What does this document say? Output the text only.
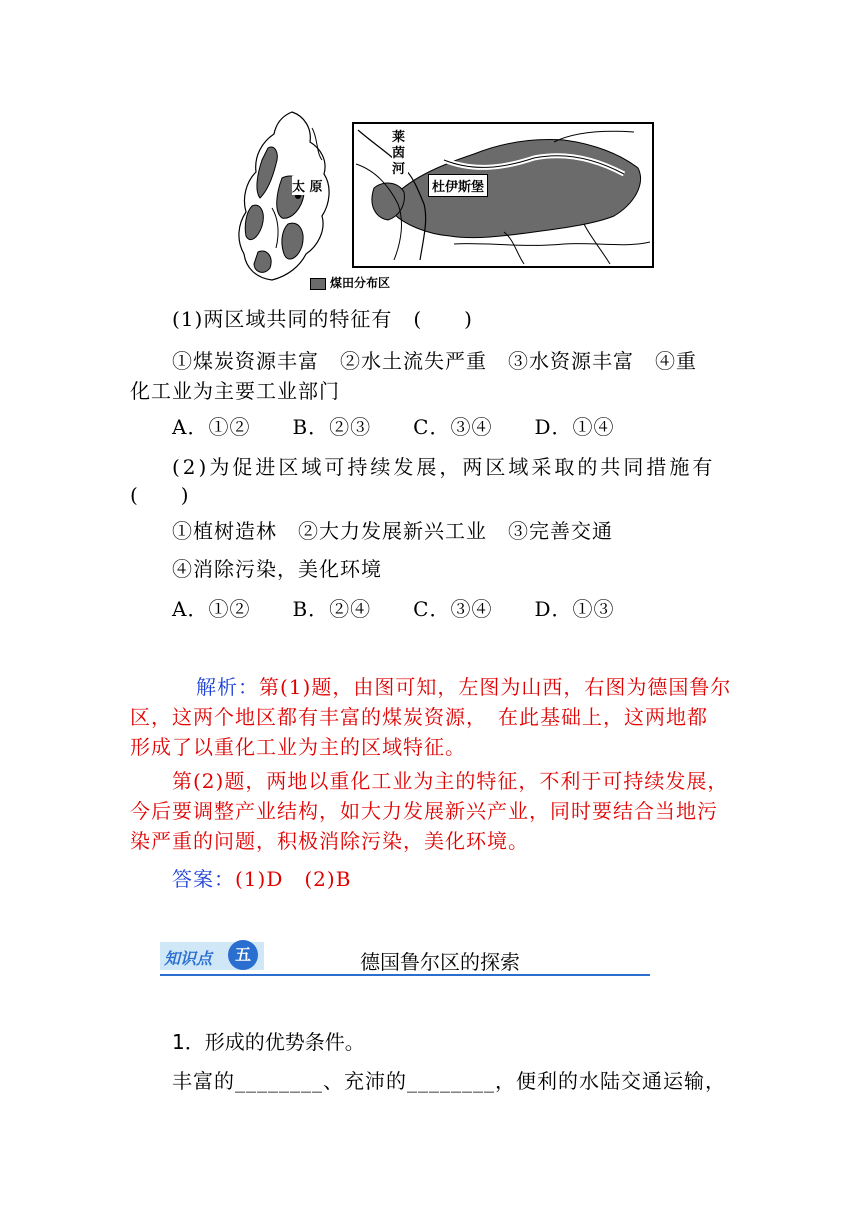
太 原
莱茵河
杜伊斯堡
煤田分布区
(1)两区域共同的特征有　(　　)
①煤炭资源丰富　②水土流失严重　③水资源丰富　④重
化工业为主要工业部门
A．①②　　B．②③　　C．③④　　D．①④
(2)为促进区域可持续发展，两区域采取的共同措施有
(　　)
①植树造林　②大力发展新兴工业　③完善交通
④消除污染，美化环境
A．①②　　B．②④　　C．③④　　D．①③
解析：第(1)题，由图可知，左图为山西，右图为德国鲁尔
区，这两个地区都有丰富的煤炭资源，　在此基础上，这两地都
形成了以重化工业为主的区域特征。
第(2)题，两地以重化工业为主的特征，不利于可持续发展，
今后要调整产业结构，如大力发展新兴产业，同时要结合当地污
染严重的问题，积极消除污染，美化环境。
答案：(1)D　(2)B
知识点	五	德国鲁尔区的探索
1．形成的优势条件。
丰富的________、充沛的________，便利的水陆交通运输，
